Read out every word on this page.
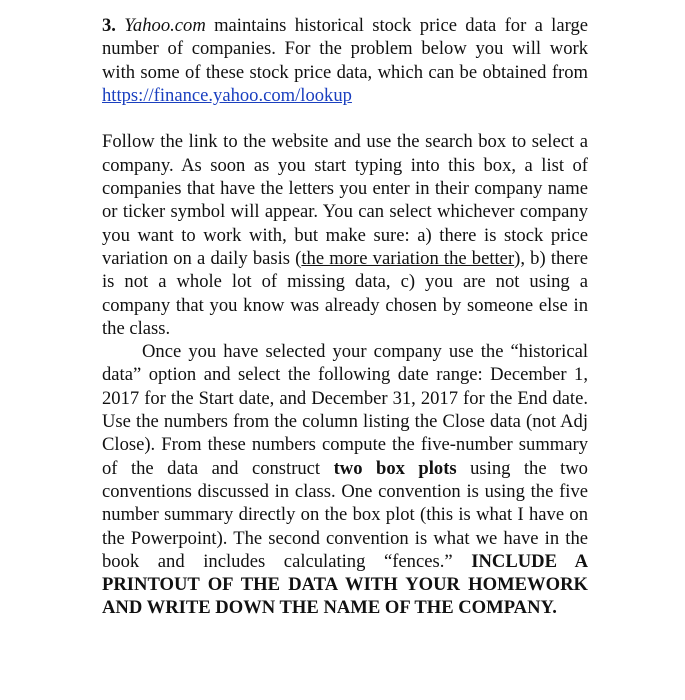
3. Yahoo.com maintains historical stock price data for a large number of companies. For the problem below you will work with some of these stock price data, which can be obtained from https://finance.yahoo.com/lookup

Follow the link to the website and use the search box to select a company. As soon as you start typing into this box, a list of companies that have the letters you enter in their company name or ticker symbol will appear. You can select whichever company you want to work with, but make sure: a) there is stock price variation on a daily basis (the more variation the better), b) there is not a whole lot of missing data, c) you are not using a company that you know was already chosen by someone else in the class.

Once you have selected your company use the “historical data” option and select the following date range: December 1, 2017 for the Start date, and December 31, 2017 for the End date. Use the numbers from the column listing the Close data (not Adj Close). From these numbers compute the five-number summary of the data and construct two box plots using the two conventions discussed in class. One convention is using the five number summary directly on the box plot (this is what I have on the Powerpoint). The second convention is what we have in the book and includes calculating “fences.” INCLUDE A PRINTOUT OF THE DATA WITH YOUR HOMEWORK AND WRITE DOWN THE NAME OF THE COMPANY.
